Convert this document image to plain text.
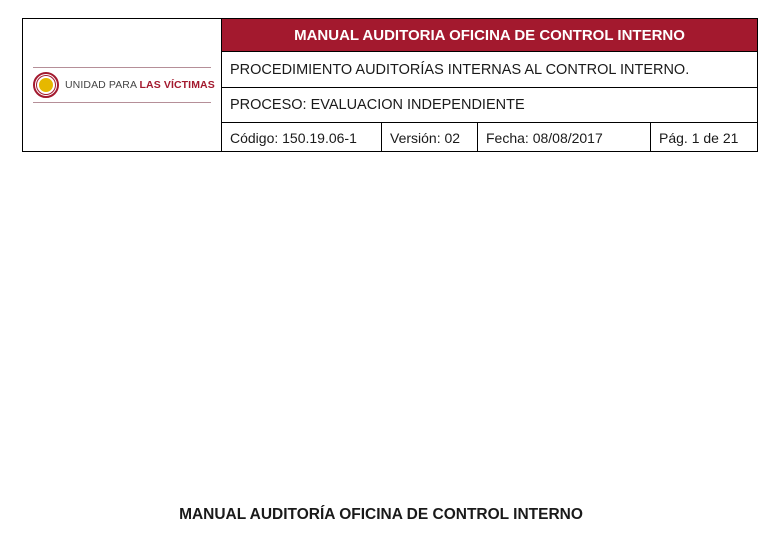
UNIDAD PARA LAS VÍCTIMAS
MANUAL AUDITORIA OFICINA DE CONTROL INTERNO
PROCEDIMIENTO AUDITORÍAS INTERNAS AL CONTROL INTERNO.
PROCESO: EVALUACION INDEPENDIENTE
Código: 150.19.06-1	Versión: 02	Fecha: 08/08/2017	Pág. 1 de 21
MANUAL AUDITORÍA OFICINA DE CONTROL INTERNO
